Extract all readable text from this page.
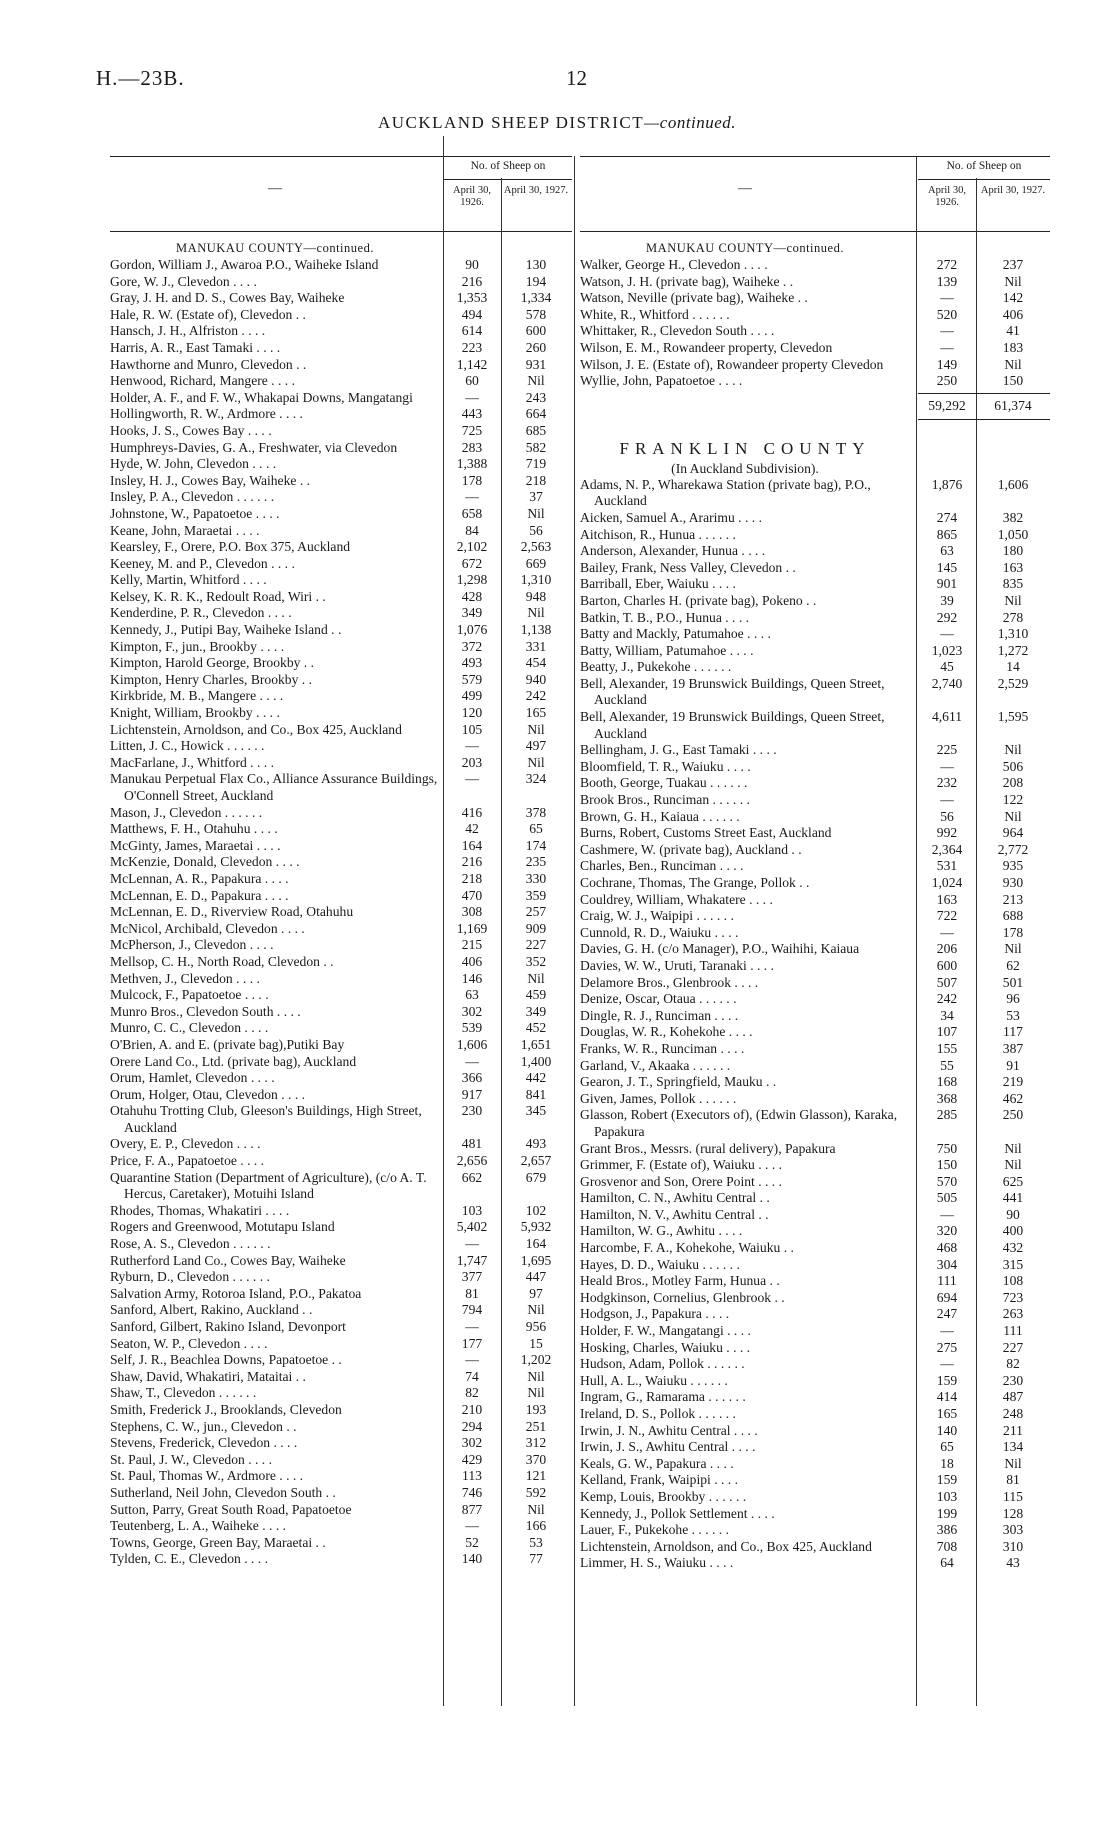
H.—23B.	12
AUCKLAND SHEEP DISTRICT—continued.
—
No. of Sheep on
April 30, 1926.
April 30, 1927.
MANUKAU COUNTY—continued.
Gordon, William J., Awaroa P.O., Waiheke Island	90	130
Gore, W. J., Clevedon . . . .	216	194
Gray, J. H. and D. S., Cowes Bay, Waiheke	1,353	1,334
Hale, R. W. (Estate of), Clevedon . .	494	578
Hansch, J. H., Alfriston . . . .	614	600
Harris, A. R., East Tamaki . . . .	223	260
Hawthorne and Munro, Clevedon . .	1,142	931
Henwood, Richard, Mangere . . . .	60	Nil
Holder, A. F., and F. W., Whakapai Downs, Mangatangi	—	243
Hollingworth, R. W., Ardmore . . . .	443	664
Hooks, J. S., Cowes Bay . . . .	725	685
Humphreys-Davies, G. A., Freshwater, via Clevedon	283	582
Hyde, W. John, Clevedon . . . .	1,388	719
Insley, H. J., Cowes Bay, Waiheke . .	178	218
Insley, P. A., Clevedon . . . . . .	—	37
Johnstone, W., Papatoetoe . . . .	658	Nil
Keane, John, Maraetai . . . .	84	56
Kearsley, F., Orere, P.O. Box 375, Auckland	2,102	2,563
Keeney, M. and P., Clevedon . . . .	672	669
Kelly, Martin, Whitford . . . .	1,298	1,310
Kelsey, K. R. K., Redoult Road, Wiri . .	428	948
Kenderdine, P. R., Clevedon . . . .	349	Nil
Kennedy, J., Putipi Bay, Waiheke Island . .	1,076	1,138
Kimpton, F., jun., Brookby . . . .	372	331
Kimpton, Harold George, Brookby . .	493	454
Kimpton, Henry Charles, Brookby . .	579	940
Kirkbride, M. B., Mangere . . . .	499	242
Knight, William, Brookby . . . .	120	165
Lichtenstein, Arnoldson, and Co., Box 425, Auckland	105	Nil
Litten, J. C., Howick . . . . . .	—	497
MacFarlane, J., Whitford . . . .	203	Nil
Manukau Perpetual Flax Co., Alliance Assurance Buildings, O'Connell Street, Auckland
—	324
Mason, J., Clevedon . . . . . .	416	378
Matthews, F. H., Otahuhu . . . .	42	65
McGinty, James, Maraetai . . . .	164	174
McKenzie, Donald, Clevedon . . . .	216	235
McLennan, A. R., Papakura . . . .	218	330
McLennan, E. D., Papakura . . . .	470	359
McLennan, E. D., Riverview Road, Otahuhu	308	257
McNicol, Archibald, Clevedon . . . .	1,169	909
McPherson, J., Clevedon . . . .	215	227
Mellsop, C. H., North Road, Clevedon . .	406	352
Methven, J., Clevedon . . . .	146	Nil
Mulcock, F., Papatoetoe . . . .	63	459
Munro Bros., Clevedon South . . . .	302	349
Munro, C. C., Clevedon . . . .	539	452
O'Brien, A. and E. (private bag),Putiki Bay	1,606	1,651
Orere Land Co., Ltd. (private bag), Auckland	—	1,400
Orum, Hamlet, Clevedon . . . .	366	442
Orum, Holger, Otau, Clevedon . . . .	917	841
Otahuhu Trotting Club, Gleeson's Buildings, High Street, Auckland
230	345
Overy, E. P., Clevedon . . . .	481	493
Price, F. A., Papatoetoe . . . .	2,656	2,657
Quarantine Station (Department of Agriculture), (c/o A. T. Hercus, Caretaker), Motuihi Island
662	679
Rhodes, Thomas, Whakatiri . . . .	103	102
Rogers and Greenwood, Motutapu Island	5,402	5,932
Rose, A. S., Clevedon . . . . . .	—	164
Rutherford Land Co., Cowes Bay, Waiheke	1,747	1,695
Ryburn, D., Clevedon . . . . . .	377	447
Salvation Army, Rotoroa Island, P.O., Pakatoa	81	97
Sanford, Albert, Rakino, Auckland . .	794	Nil
Sanford, Gilbert, Rakino Island, Devonport	—	956
Seaton, W. P., Clevedon . . . .	177	15
Self, J. R., Beachlea Downs, Papatoetoe . .	—	1,202
Shaw, David, Whakatiri, Mataitai . .	74	Nil
Shaw, T., Clevedon . . . . . .	82	Nil
Smith, Frederick J., Brooklands, Clevedon	210	193
Stephens, C. W., jun., Clevedon . .	294	251
Stevens, Frederick, Clevedon . . . .	302	312
St. Paul, J. W., Clevedon . . . .	429	370
St. Paul, Thomas W., Ardmore . . . .	113	121
Sutherland, Neil John, Clevedon South . .	746	592
Sutton, Parry, Great South Road, Papatoetoe	877	Nil
Teutenberg, L. A., Waiheke . . . .	—	166
Towns, George, Green Bay, Maraetai . .	52	53
Tylden, C. E., Clevedon . . . .	140	77
—
No. of Sheep on
April 30, 1926.
April 30, 1927.
MANUKAU COUNTY—continued.
Walker, George H., Clevedon . . . .	272	237
Watson, J. H. (private bag), Waiheke . .	139	Nil
Watson, Neville (private bag), Waiheke . .	—	142
White, R., Whitford . . . . . .	520	406
Whittaker, R., Clevedon South . . . .	—	41
Wilson, E. M., Rowandeer property, Clevedon	—	183
Wilson, J. E. (Estate of), Rowandeer property Clevedon	149	Nil
Wyllie, John, Papatoetoe . . . .	250	150
59,292	61,374
FRANKLIN COUNTY
(In Auckland Subdivision).
Adams, N. P., Wharekawa Station (private bag), P.O., Auckland
1,876	1,606
Aicken, Samuel A., Ararimu . . . .	274	382
Aitchison, R., Hunua . . . . . .	865	1,050
Anderson, Alexander, Hunua . . . .	63	180
Bailey, Frank, Ness Valley, Clevedon . .	145	163
Barriball, Eber, Waiuku . . . .	901	835
Barton, Charles H. (private bag), Pokeno . .	39	Nil
Batkin, T. B., P.O., Hunua . . . .	292	278
Batty and Mackly, Patumahoe . . . .	—	1,310
Batty, William, Patumahoe . . . .	1,023	1,272
Beatty, J., Pukekohe . . . . . .	45	14
Bell, Alexander, 19 Brunswick Buildings, Queen Street, Auckland
2,740	2,529
Bell, Alexander, 19 Brunswick Buildings, Queen Street, Auckland
4,611	1,595
Bellingham, J. G., East Tamaki . . . .	225	Nil
Bloomfield, T. R., Waiuku . . . .	—	506
Booth, George, Tuakau . . . . . .	232	208
Brook Bros., Runciman . . . . . .	—	122
Brown, G. H., Kaiaua . . . . . .	56	Nil
Burns, Robert, Customs Street East, Auckland	992	964
Cashmere, W. (private bag), Auckland . .	2,364	2,772
Charles, Ben., Runciman . . . .	531	935
Cochrane, Thomas, The Grange, Pollok . .	1,024	930
Couldrey, William, Whakatere . . . .	163	213
Craig, W. J., Waipipi . . . . . .	722	688
Cunnold, R. D., Waiuku . . . .	—	178
Davies, G. H. (c/o Manager), P.O., Waihihi, Kaiaua	206	Nil
Davies, W. W., Uruti, Taranaki . . . .	600	62
Delamore Bros., Glenbrook . . . .	507	501
Denize, Oscar, Otaua . . . . . .	242	96
Dingle, R. J., Runciman . . . .	34	53
Douglas, W. R., Kohekohe . . . .	107	117
Franks, W. R., Runciman . . . .	155	387
Garland, V., Akaaka . . . . . .	55	91
Gearon, J. T., Springfield, Mauku . .	168	219
Given, James, Pollok . . . . . .	368	462
Glasson, Robert (Executors of), (Edwin Glasson), Karaka, Papakura
285	250
Grant Bros., Messrs. (rural delivery), Papakura	750	Nil
Grimmer, F. (Estate of), Waiuku . . . .	150	Nil
Grosvenor and Son, Orere Point . . . .	570	625
Hamilton, C. N., Awhitu Central . .	505	441
Hamilton, N. V., Awhitu Central . .	—	90
Hamilton, W. G., Awhitu . . . .	320	400
Harcombe, F. A., Kohekohe, Waiuku . .	468	432
Hayes, D. D., Waiuku . . . . . .	304	315
Heald Bros., Motley Farm, Hunua . .	111	108
Hodgkinson, Cornelius, Glenbrook . .	694	723
Hodgson, J., Papakura . . . .	247	263
Holder, F. W., Mangatangi . . . .	—	111
Hosking, Charles, Waiuku . . . .	275	227
Hudson, Adam, Pollok . . . . . .	—	82
Hull, A. L., Waiuku . . . . . .	159	230
Ingram, G., Ramarama . . . . . .	414	487
Ireland, D. S., Pollok . . . . . .	165	248
Irwin, J. N., Awhitu Central . . . .	140	211
Irwin, J. S., Awhitu Central . . . .	65	134
Keals, G. W., Papakura . . . .	18	Nil
Kelland, Frank, Waipipi . . . .	159	81
Kemp, Louis, Brookby . . . . . .	103	115
Kennedy, J., Pollok Settlement . . . .	199	128
Lauer, F., Pukekohe . . . . . .	386	303
Lichtenstein, Arnoldson, and Co., Box 425, Auckland	708	310
Limmer, H. S., Waiuku . . . .	64	43
